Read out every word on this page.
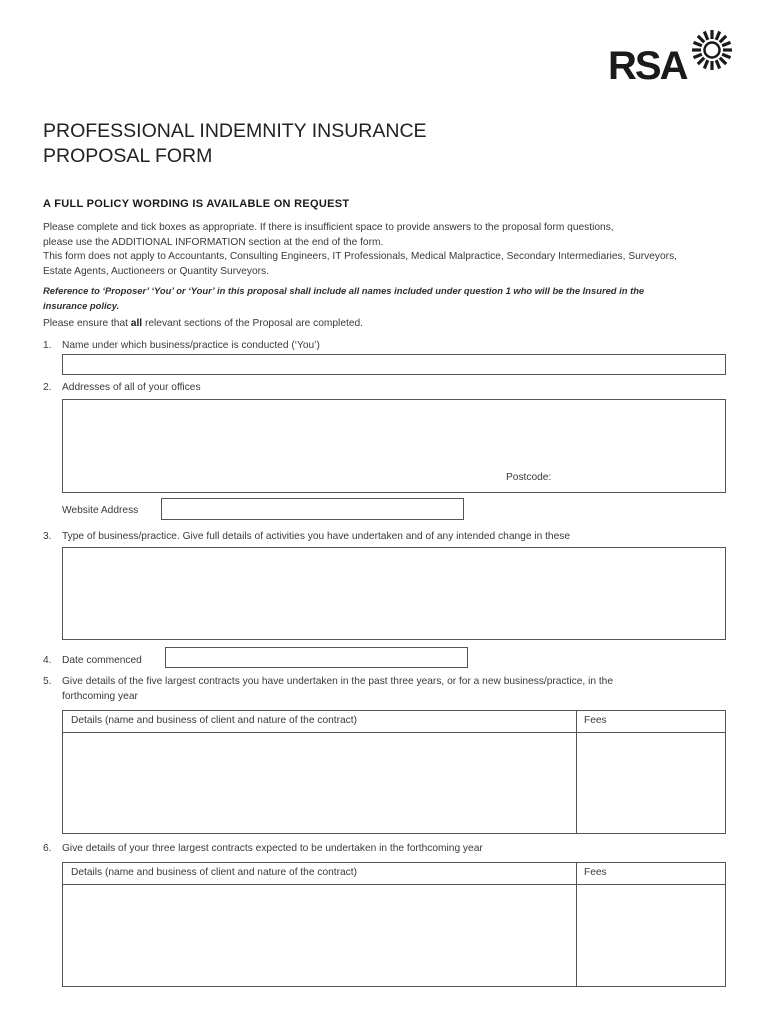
RSA
PROFESSIONAL INDEMNITY INSURANCE
PROPOSAL FORM
A FULL POLICY WORDING IS AVAILABLE ON REQUEST
Please complete and tick boxes as appropriate. If there is insufficient space to provide answers to the proposal form questions,
please use the ADDITIONAL INFORMATION section at the end of the form.
This form does not apply to Accountants, Consulting Engineers, IT Professionals, Medical Malpractice, Secondary Intermediaries, Surveyors,
Estate Agents, Auctioneers or Quantity Surveyors.
Reference to ‘Proposer’ ‘You’ or ‘Your’ in this proposal shall include all names included under question 1 who will be the Insured in the
insurance policy.
Please ensure that all relevant sections of the Proposal are completed.
1. Name under which business/practice is conducted (‘You’)
2. Addresses of all of your offices
Postcode:
Website Address
3. Type of business/practice. Give full details of activities you have undertaken and of any intended change in these
4. Date commenced
5. Give details of the five largest contracts you have undertaken in the past three years, or for a new business/practice, in the
forthcoming year
Details (name and business of client and nature of the contract)	Fees
6. Give details of your three largest contracts expected to be undertaken in the forthcoming year
Details (name and business of client and nature of the contract)	Fees
